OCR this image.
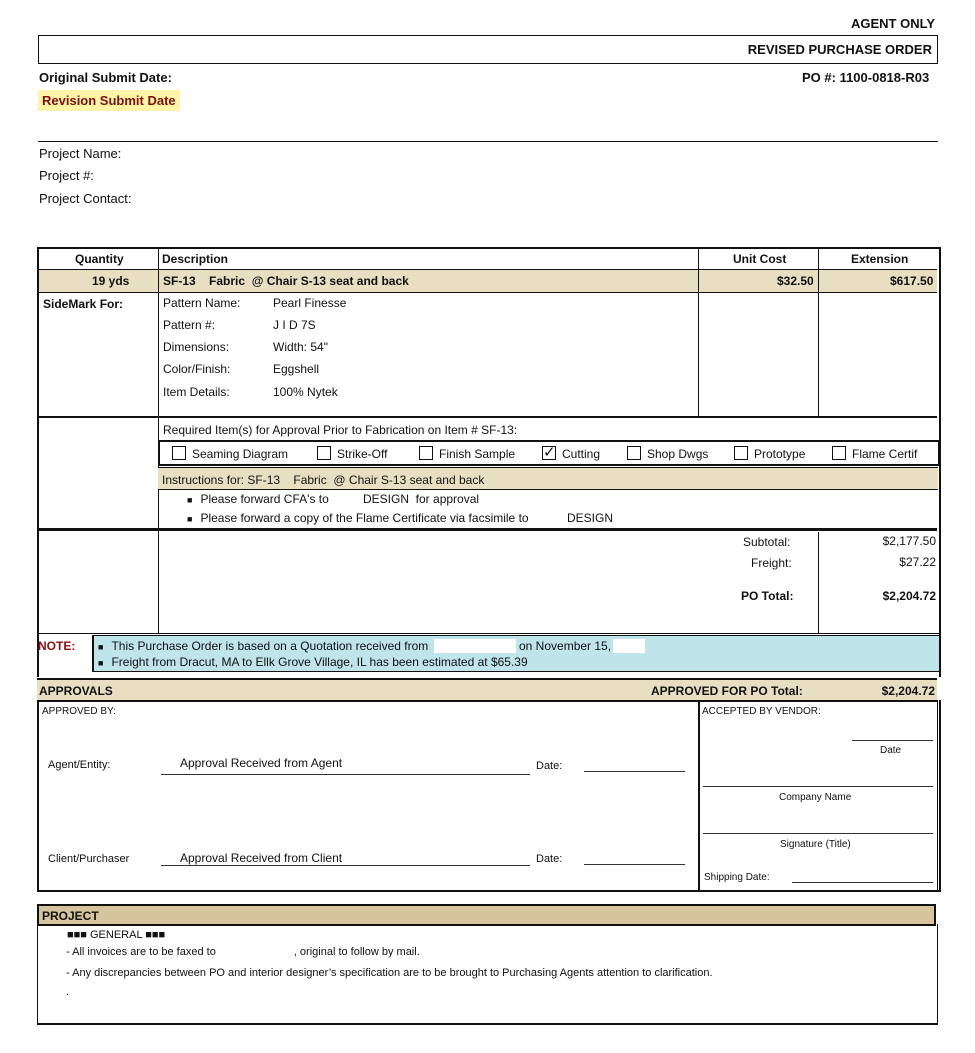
AGENT ONLY
REVISED PURCHASE ORDER
Original Submit Date:
Revision Submit Date
PO #: 1100-0818-R03
Project Name:
Project #:
Project Contact:
Quantity	Description	Unit Cost	Extension
19 yds	SF-13    Fabric  @ Chair S-13 seat and back	$32.50	$617.50
SideMark For:	Pattern Name:	Pearl Finesse
Pattern #:	J I D 7S
Dimensions:	Width: 54"
Color/Finish:	Eggshell
Item Details:	100% Nytek
Required Item(s) for Approval Prior to Fabrication on Item # SF-13:
Seaming Diagram	Strike-Off	Finish Sample
✓	Cutting	Shop Dwgs	Prototype	Flame Certif
Instructions for: SF-13    Fabric  @ Chair S-13 seat and back
■ Please forward CFA's to	DESIGN  for approval
■ Please forward a copy of the Flame Certificate via facsimile to	DESIGN
Subtotal:	$2,177.50
Freight:	$27.22
PO Total:	$2,204.72
NOTE:	■ This Purchase Order is based on a Quotation received from	on November 15,
■ Freight from Dracut, MA to Ellk Grove Village, IL has been estimated at $65.39
APPROVALS	APPROVED FOR PO Total:	$2,204.72
APPROVED BY:	ACCEPTED BY VENDOR:
Agent/Entity:	Approval Received from Agent	Date:
Client/Purchaser	Approval Received from Client	Date:
Date
Company Name
Signature (Title)
Shipping Date:
PROJECT
■■■ GENERAL ■■■
- All invoices are to be faxed to	, original to follow by mail.
- Any discrepancies between PO and interior designer’s specification are to be brought to Purchasing Agents attention to clarification.
.
